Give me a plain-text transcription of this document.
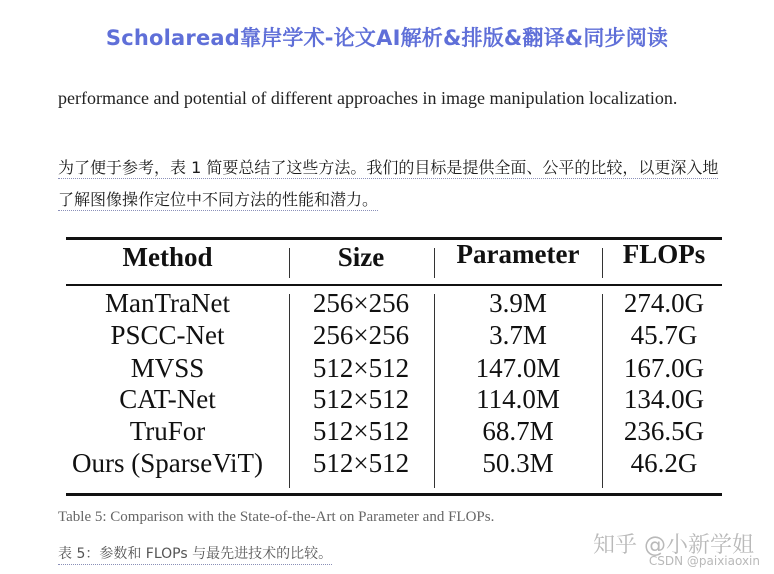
Scholaread靠岸学术-论文AI解析&排版&翻译&同步阅读
performance and potential of different approaches in image manipulation localization.
为了便于参考，表 1 简要总结了这些方法。我们的目标是提供全面、公平的比较，以更深入地了解图像操作定位中不同方法的性能和潜力。
Method	Size	Parameter	FLOPs
ManTraNet	256×256	3.9M	274.0G
PSCC-Net	256×256	3.7M	45.7G
MVSS	512×512	147.0M	167.0G
CAT-Net	512×512	114.0M	134.0G
TruFor	512×512	68.7M	236.5G
Ours (SparseViT)	512×512	50.3M	46.2G
Table 5: Comparison with the State-of-the-Art on Parameter and FLOPs.
表 5：参数和 FLOPs 与最先进技术的比较。	知乎 @小新学姐
CSDN @paixiaoxin
